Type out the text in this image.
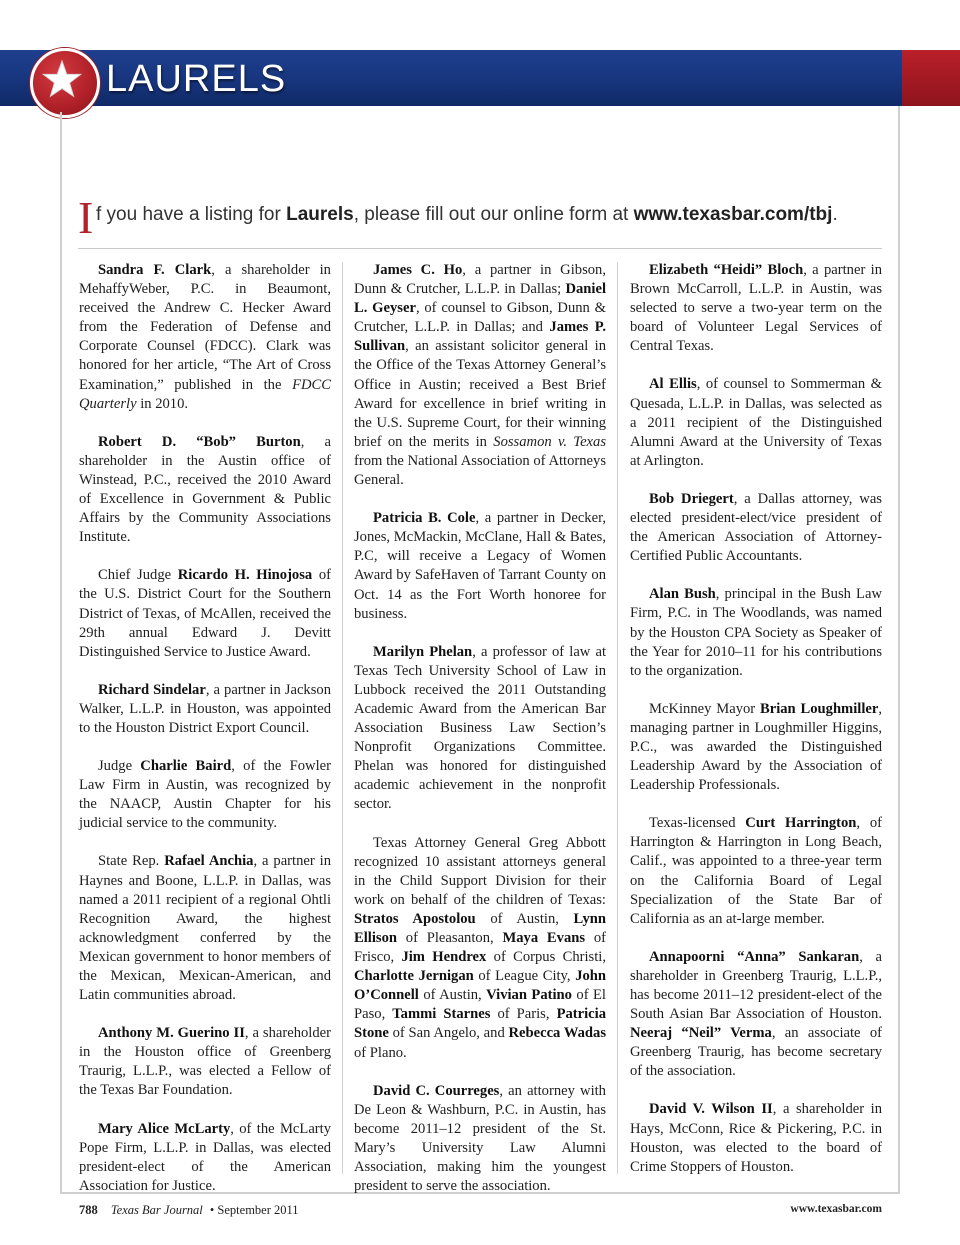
LAURELS
I f you have a listing for Laurels, please fill out our online form at www.texasbar.com/tbj.

Sandra F. Clark, a shareholder in MehaffyWeber, P.C. in Beaumont, received the Andrew C. Hecker Award from the Federation of Defense and Corporate Counsel (FDCC). Clark was honored for her article, “The Art of Cross Examination,” published in the FDCC Quarterly in 2010.

Robert D. “Bob” Burton, a shareholder in the Austin office of Winstead, P.C., received the 2010 Award of Excellence in Government & Public Affairs by the Community Associations Institute.

Chief Judge Ricardo H. Hinojosa of the U.S. District Court for the Southern District of Texas, of McAllen, received the 29th annual Edward J. Devitt Distinguished Service to Justice Award.

Richard Sindelar, a partner in Jackson Walker, L.L.P. in Houston, was appointed to the Houston District Export Council.

Judge Charlie Baird, of the Fowler Law Firm in Austin, was recognized by the NAACP, Austin Chapter for his judicial service to the community.

State Rep. Rafael Anchia, a partner in Haynes and Boone, L.L.P. in Dallas, was named a 2011 recipient of a regional Ohtli Recognition Award, the highest acknowledgment conferred by the Mexican government to honor members of the Mexican, Mexican-American, and Latin communities abroad.

Anthony M. Guerino II, a shareholder in the Houston office of Greenberg Traurig, L.L.P., was elected a Fellow of the Texas Bar Foundation.

Mary Alice McLarty, of the McLarty Pope Firm, L.L.P. in Dallas, was elected president-elect of the American Association for Justice.

James C. Ho, a partner in Gibson, Dunn & Crutcher, L.L.P. in Dallas; Daniel L. Geyser, of counsel to Gibson, Dunn & Crutcher, L.L.P. in Dallas; and James P. Sullivan, an assistant solicitor general in the Office of the Texas Attorney General’s Office in Austin; received a Best Brief Award for excellence in brief writing in the U.S. Supreme Court, for their winning brief on the merits in Sossamon v. Texas from the National Association of Attorneys General.

Patricia B. Cole, a partner in Decker, Jones, McMackin, McClane, Hall & Bates, P.C, will receive a Legacy of Women Award by SafeHaven of Tarrant County on Oct. 14 as the Fort Worth honoree for business.

Marilyn Phelan, a professor of law at Texas Tech University School of Law in Lubbock received the 2011 Outstanding Academic Award from the American Bar Association Business Law Section’s Nonprofit Organizations Committee. Phelan was honored for distinguished academic achievement in the nonprofit sector.

Texas Attorney General Greg Abbott recognized 10 assistant attorneys general in the Child Support Division for their work on behalf of the children of Texas: Stratos Apostolou of Austin, Lynn Ellison of Pleasanton, Maya Evans of Frisco, Jim Hendrex of Corpus Christi, Charlotte Jernigan of League City, John O’Connell of Austin, Vivian Patino of El Paso, Tammi Starnes of Paris, Patricia Stone of San Angelo, and Rebecca Wadas of Plano.

David C. Courreges, an attorney with De Leon & Washburn, P.C. in Austin, has become 2011–12 president of the St. Mary’s University Law Alumni Association, making him the youngest president to serve the association.

Elizabeth “Heidi” Bloch, a partner in Brown McCarroll, L.L.P. in Austin, was selected to serve a two-year term on the board of Volunteer Legal Services of Central Texas.

Al Ellis, of counsel to Sommerman & Quesada, L.L.P. in Dallas, was selected as a 2011 recipient of the Distinguished Alumni Award at the University of Texas at Arlington.

Bob Driegert, a Dallas attorney, was elected president-elect/vice president of the American Association of Attorney-Certified Public Accountants.

Alan Bush, principal in the Bush Law Firm, P.C. in The Woodlands, was named by the Houston CPA Society as Speaker of the Year for 2010–11 for his contributions to the organization.

McKinney Mayor Brian Loughmiller, managing partner in Loughmiller Higgins, P.C., was awarded the Distinguished Leadership Award by the Association of Leadership Professionals.

Texas-licensed Curt Harrington, of Harrington & Harrington in Long Beach, Calif., was appointed to a three-year term on the California Board of Legal Specialization of the State Bar of California as an at-large member.

Annapoorni “Anna” Sankaran, a shareholder in Greenberg Traurig, L.L.P., has become 2011–12 president-elect of the South Asian Bar Association of Houston. Neeraj “Neil” Verma, an associate of Greenberg Traurig, has become secretary of the association.

David V. Wilson II, a shareholder in Hays, McConn, Rice & Pickering, P.C. in Houston, was elected to the board of Crime Stoppers of Houston.

788 Texas Bar Journal • September 2011	www.texasbar.com
